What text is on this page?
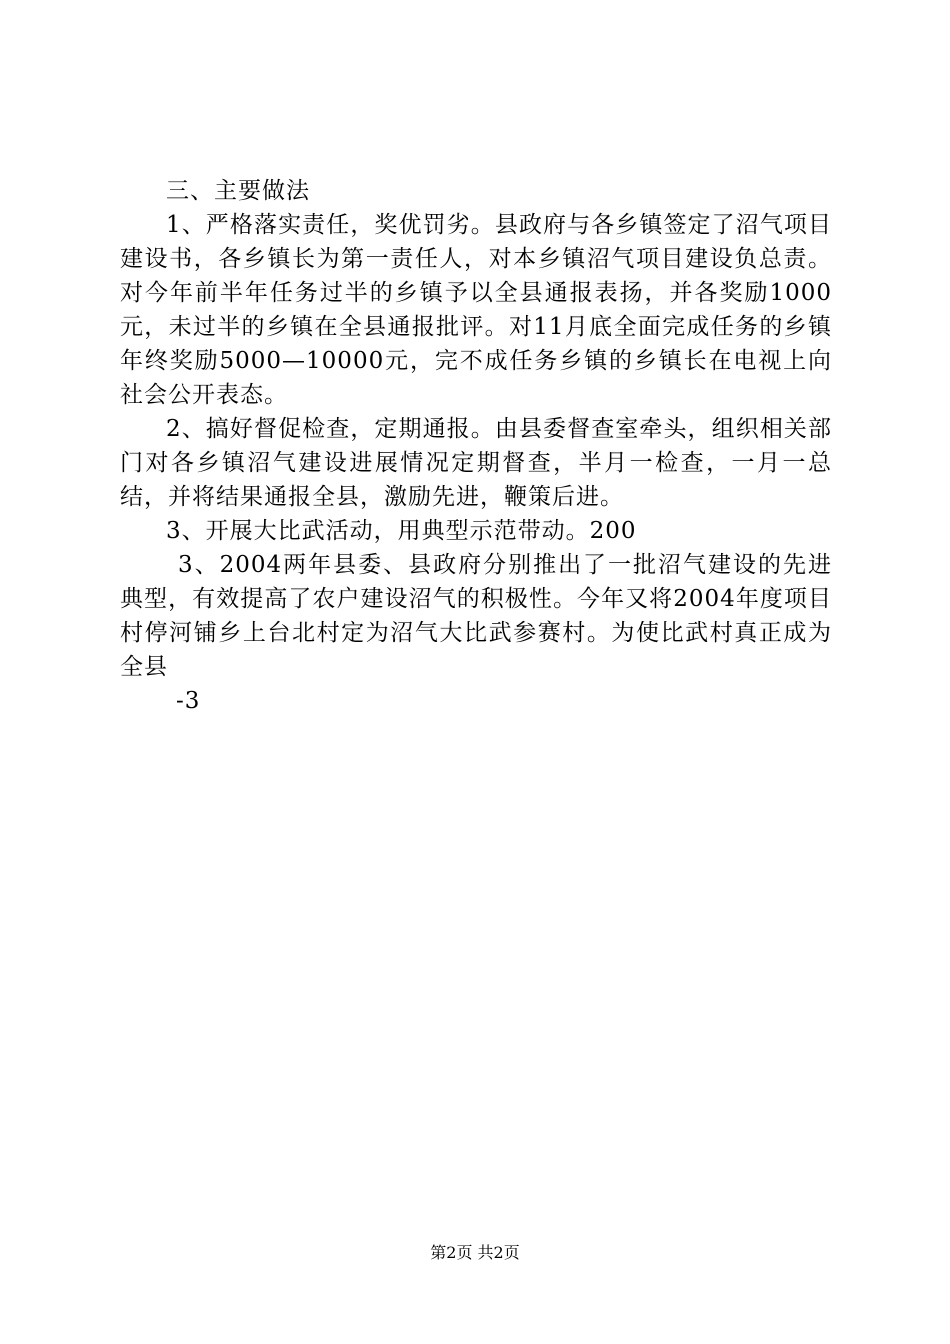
三、主要做法

1、严格落实责任，奖优罚劣。县政府与各乡镇签定了沼气项目建设书，各乡镇长为第一责任人，对本乡镇沼气项目建设负总责。对今年前半年任务过半的乡镇予以全县通报表扬，并各奖励1000元，未过半的乡镇在全县通报批评。对11月底全面完成任务的乡镇年终奖励5000—10000元，完不成任务乡镇的乡镇长在电视上向社会公开表态。

2、搞好督促检查，定期通报。由县委督查室牵头，组织相关部门对各乡镇沼气建设进展情况定期督查，半月一检查，一月一总结，并将结果通报全县，激励先进，鞭策后进。

3、开展大比武活动，用典型示范带动。200

3、2004两年县委、县政府分别推出了一批沼气建设的先进典型，有效提高了农户建设沼气的积极性。今年又将2004年度项目村停河铺乡上台北村定为沼气大比武参赛村。为使比武村真正成为全县

-3

第2页 共2页
